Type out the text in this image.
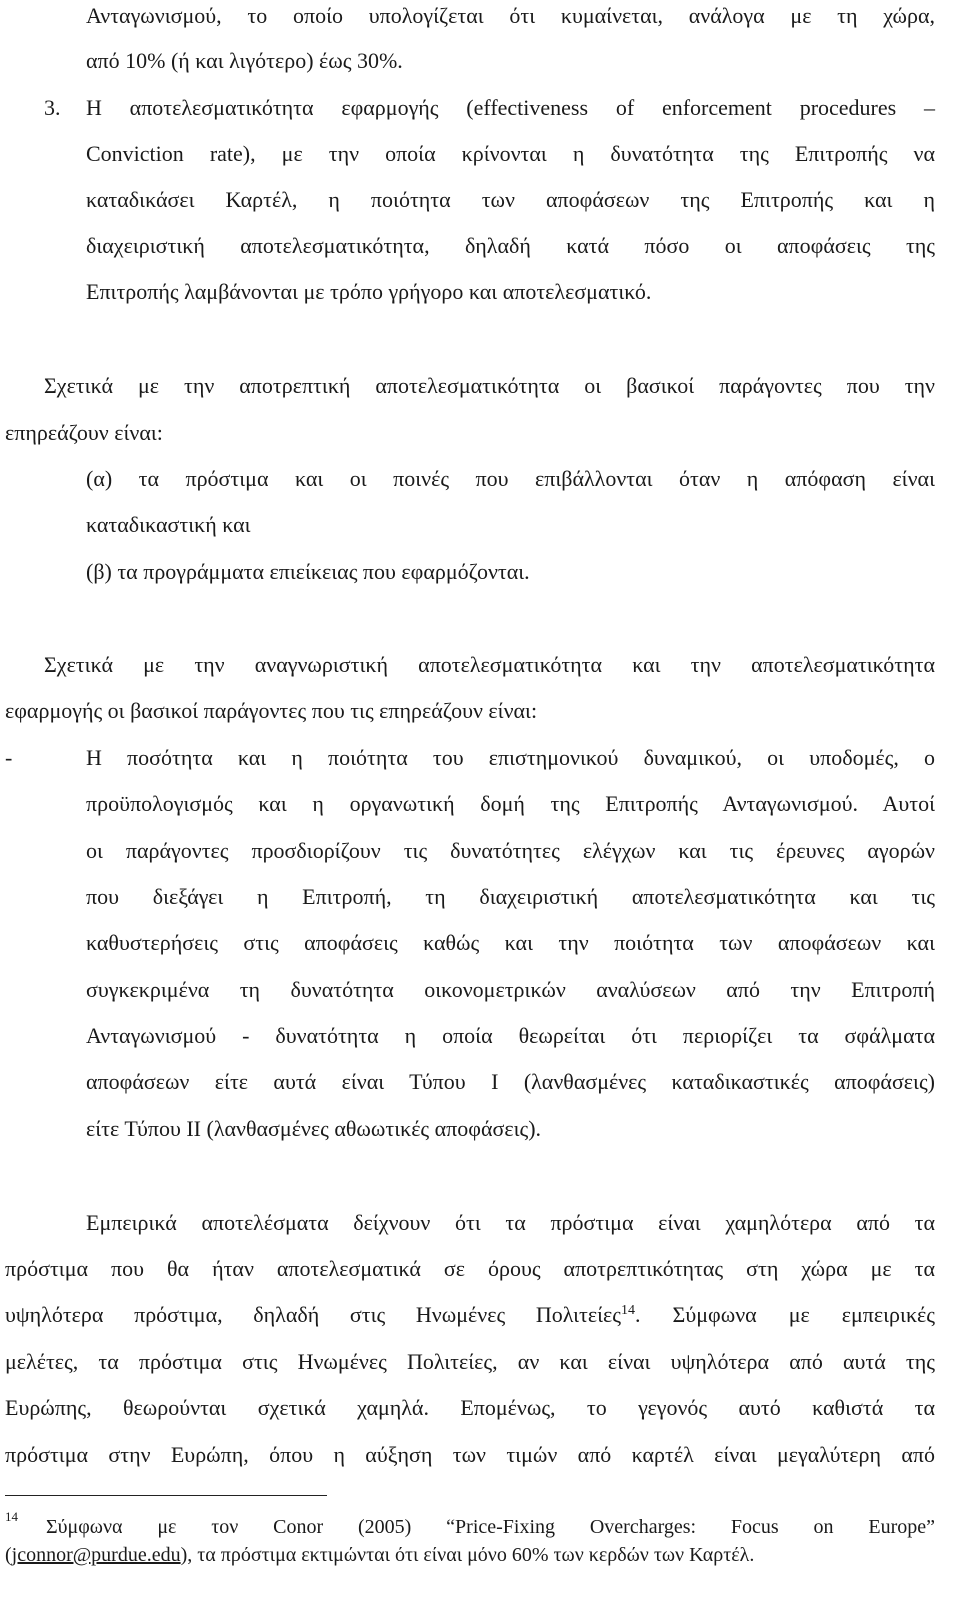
Ανταγωνισμού, το οποίο υπολογίζεται ότι κυμαίνεται, ανάλογα με τη χώρα,
από 10% (ή και λιγότερο) έως 30%.
3. Η αποτελεσματικότητα εφαρμογής (effectiveness of enforcement procedures –
Conviction rate), με την οποία κρίνονται η δυνατότητα της Επιτροπής να
καταδικάσει Καρτέλ, η ποιότητα των αποφάσεων της Επιτροπής και η
διαχειριστική αποτελεσματικότητα, δηλαδή κατά πόσο οι αποφάσεις της
Επιτροπής λαμβάνονται με τρόπο γρήγορο και αποτελεσματικό.
Σχετικά με την αποτρεπτική αποτελεσματικότητα οι βασικοί παράγοντες που την
επηρεάζουν είναι:
(α) τα πρόστιμα και οι ποινές που επιβάλλονται όταν η απόφαση είναι
καταδικαστική και
(β) τα προγράμματα επιείκειας που εφαρμόζονται.
Σχετικά με την αναγνωριστική αποτελεσματικότητα και την αποτελεσματικότητα
εφαρμογής οι βασικοί παράγοντες που τις επηρεάζουν είναι:
-	Η ποσότητα και η ποιότητα του επιστημονικού δυναμικού, οι υποδομές, ο
προϋπολογισμός και η οργανωτική δομή της Επιτροπής Ανταγωνισμού. Αυτοί
οι παράγοντες προσδιορίζουν τις δυνατότητες ελέγχων και τις έρευνες αγορών
που διεξάγει η Επιτροπή, τη διαχειριστική αποτελεσματικότητα και τις
καθυστερήσεις στις αποφάσεις καθώς και την ποιότητα των αποφάσεων και
συγκεκριμένα τη δυνατότητα οικονομετρικών αναλύσεων από την Επιτροπή
Ανταγωνισμού - δυνατότητα η οποία θεωρείται ότι περιορίζει τα σφάλματα
αποφάσεων είτε αυτά είναι Τύπου Ι (λανθασμένες καταδικαστικές αποφάσεις)
είτε Τύπου ΙΙ (λανθασμένες αθωωτικές αποφάσεις).
Εμπειρικά αποτελέσματα δείχνουν ότι τα πρόστιμα είναι χαμηλότερα από τα
πρόστιμα που θα ήταν αποτελεσματικά σε όρους αποτρεπτικότητας στη χώρα με τα
υψηλότερα πρόστιμα, δηλαδή στις Ηνωμένες Πολιτείες 14 . Σύμφωνα με εμπειρικές
μελέτες, τα πρόστιμα στις Ηνωμένες Πολιτείες, αν και είναι υψηλότερα από αυτά της
Ευρώπης, θεωρούνται σχετικά χαμηλά. Επομένως, το γεγονός αυτό καθιστά τα
πρόστιμα στην Ευρώπη, όπου η αύξηση των τιμών από καρτέλ είναι μεγαλύτερη από
14 Σύμφωνα με τον Conor (2005) “Price-Fixing Overcharges: Focus on Europe”
(jconnor@purdue.edu), τα πρόστιμα εκτιμώνται ότι είναι μόνο 60% των κερδών των Καρτέλ.
